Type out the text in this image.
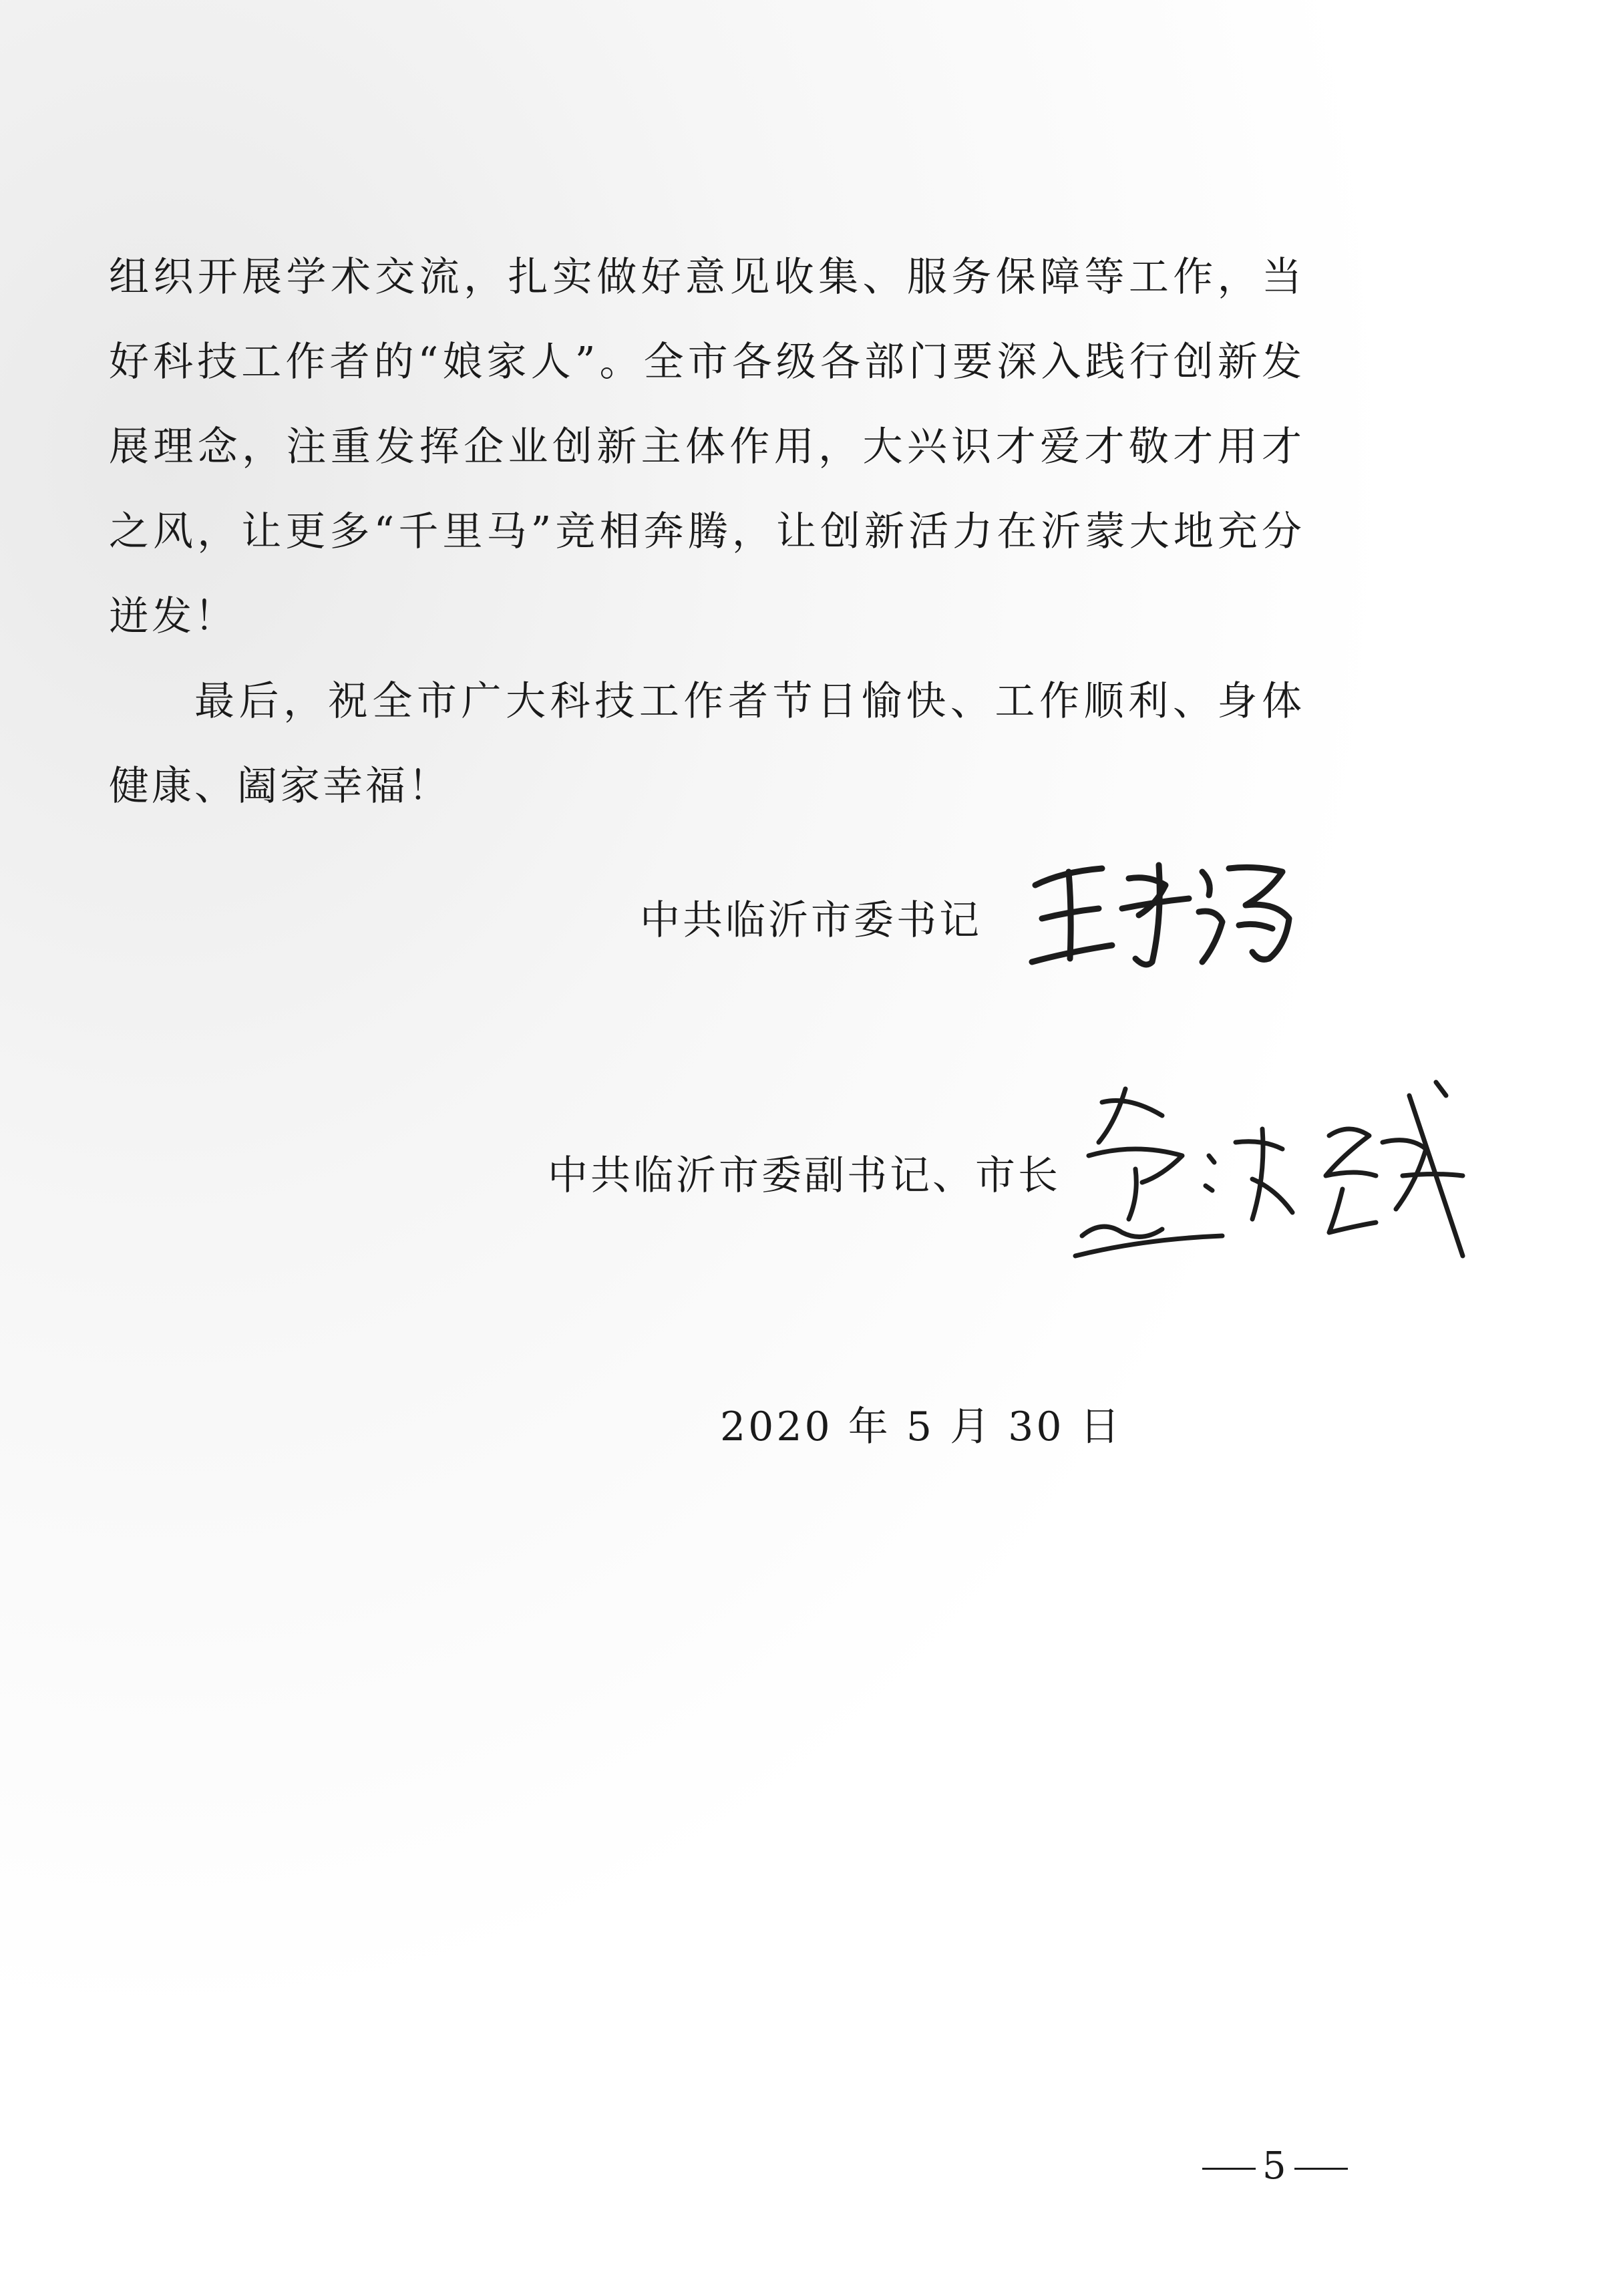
组织开展学术交流，扎实做好意见收集、服务保障等工作，当好科技工作者的“娘家人”。全市各级各部门要深入践行创新发展理念，注重发挥企业创新主体作用，大兴识才爱才敬才用才之风，让更多“千里马”竞相奔腾，让创新活力在沂蒙大地充分迸发！

最后，祝全市广大科技工作者节日愉快、工作顺利、身体健康、阖家幸福！

中共临沂市委书记
中共临沂市委副书记、市长
2020 年 5 月 30 日
5
